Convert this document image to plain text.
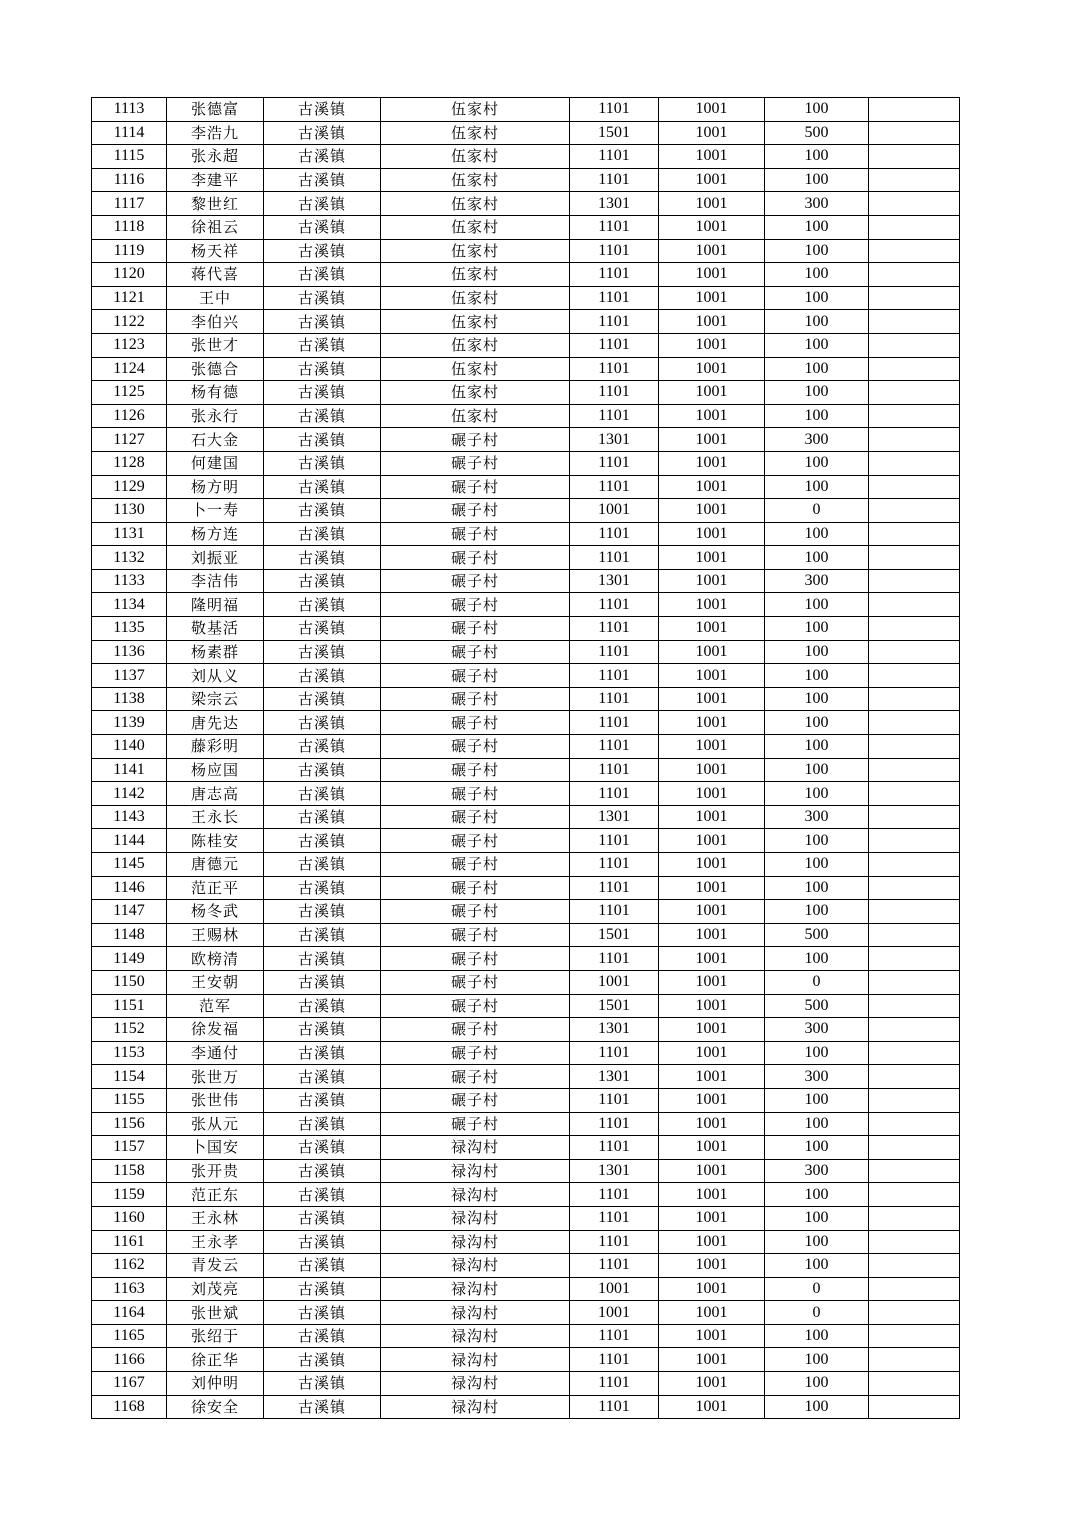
1113	张德富	古溪镇	伍家村	1101	1001	100	
1114	李浩九	古溪镇	伍家村	1501	1001	500	
1115	张永超	古溪镇	伍家村	1101	1001	100	
1116	李建平	古溪镇	伍家村	1101	1001	100	
1117	黎世红	古溪镇	伍家村	1301	1001	300	
1118	徐祖云	古溪镇	伍家村	1101	1001	100	
1119	杨天祥	古溪镇	伍家村	1101	1001	100	
1120	蒋代喜	古溪镇	伍家村	1101	1001	100	
1121	王中	古溪镇	伍家村	1101	1001	100	
1122	李伯兴	古溪镇	伍家村	1101	1001	100	
1123	张世才	古溪镇	伍家村	1101	1001	100	
1124	张德合	古溪镇	伍家村	1101	1001	100	
1125	杨有德	古溪镇	伍家村	1101	1001	100	
1126	张永行	古溪镇	伍家村	1101	1001	100	
1127	石大金	古溪镇	碾子村	1301	1001	300	
1128	何建国	古溪镇	碾子村	1101	1001	100	
1129	杨方明	古溪镇	碾子村	1101	1001	100	
1130	卜一寿	古溪镇	碾子村	1001	1001	0	
1131	杨方连	古溪镇	碾子村	1101	1001	100	
1132	刘振亚	古溪镇	碾子村	1101	1001	100	
1133	李洁伟	古溪镇	碾子村	1301	1001	300	
1134	隆明福	古溪镇	碾子村	1101	1001	100	
1135	敬基活	古溪镇	碾子村	1101	1001	100	
1136	杨素群	古溪镇	碾子村	1101	1001	100	
1137	刘从义	古溪镇	碾子村	1101	1001	100	
1138	梁宗云	古溪镇	碾子村	1101	1001	100	
1139	唐先达	古溪镇	碾子村	1101	1001	100	
1140	藤彩明	古溪镇	碾子村	1101	1001	100	
1141	杨应国	古溪镇	碾子村	1101	1001	100	
1142	唐志高	古溪镇	碾子村	1101	1001	100	
1143	王永长	古溪镇	碾子村	1301	1001	300	
1144	陈桂安	古溪镇	碾子村	1101	1001	100	
1145	唐德元	古溪镇	碾子村	1101	1001	100	
1146	范正平	古溪镇	碾子村	1101	1001	100	
1147	杨冬武	古溪镇	碾子村	1101	1001	100	
1148	王赐林	古溪镇	碾子村	1501	1001	500	
1149	欧榜清	古溪镇	碾子村	1101	1001	100	
1150	王安朝	古溪镇	碾子村	1001	1001	0	
1151	范军	古溪镇	碾子村	1501	1001	500	
1152	徐发福	古溪镇	碾子村	1301	1001	300	
1153	李通付	古溪镇	碾子村	1101	1001	100	
1154	张世万	古溪镇	碾子村	1301	1001	300	
1155	张世伟	古溪镇	碾子村	1101	1001	100	
1156	张从元	古溪镇	碾子村	1101	1001	100	
1157	卜国安	古溪镇	禄沟村	1101	1001	100	
1158	张开贵	古溪镇	禄沟村	1301	1001	300	
1159	范正东	古溪镇	禄沟村	1101	1001	100	
1160	王永林	古溪镇	禄沟村	1101	1001	100	
1161	王永孝	古溪镇	禄沟村	1101	1001	100	
1162	青发云	古溪镇	禄沟村	1101	1001	100	
1163	刘茂亮	古溪镇	禄沟村	1001	1001	0	
1164	张世斌	古溪镇	禄沟村	1001	1001	0	
1165	张绍于	古溪镇	禄沟村	1101	1001	100	
1166	徐正华	古溪镇	禄沟村	1101	1001	100	
1167	刘仲明	古溪镇	禄沟村	1101	1001	100	
1168	徐安全	古溪镇	禄沟村	1101	1001	100	
